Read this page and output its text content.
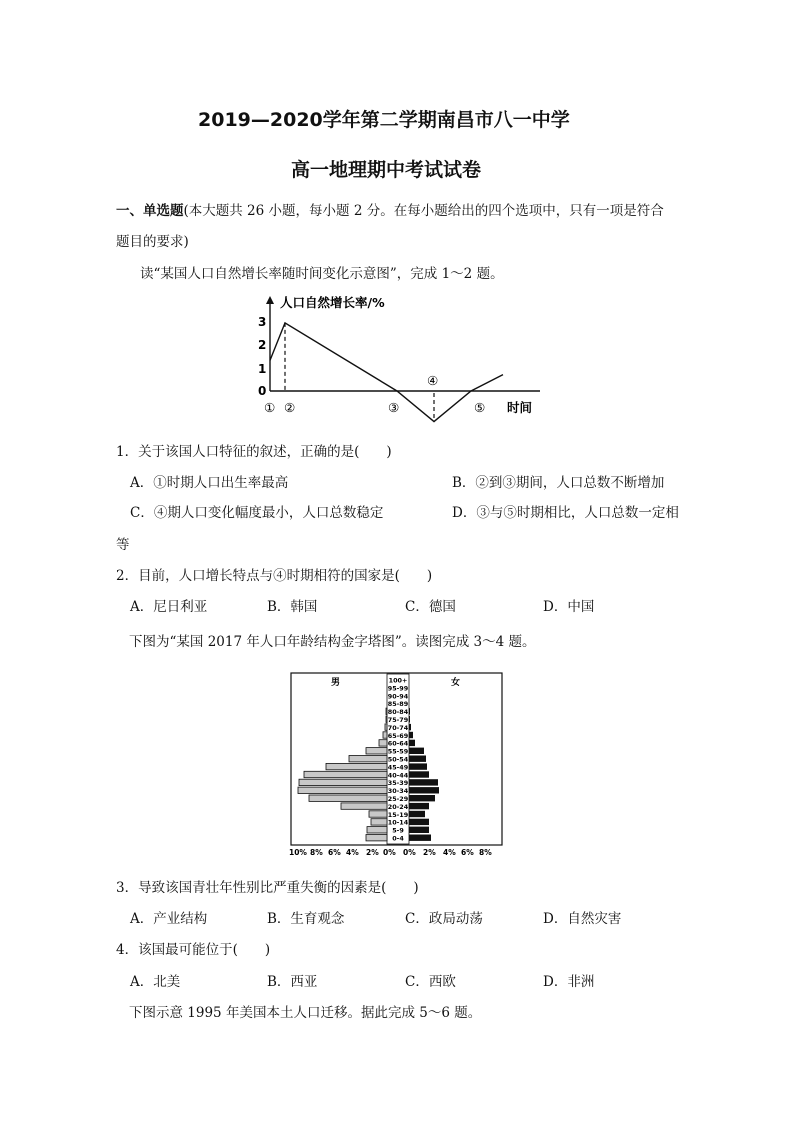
2019—2020学年第二学期南昌市八一中学
高一地理期中考试试卷
一、单选题(本大题共 26 小题，每小题 2 分。在每小题给出的四个选项中，只有一项是符合
题目的要求)
读“某国人口自然增长率随时间变化示意图”，完成 1～2 题。
人口自然增长率/%
3
2
1
0
① ②	③
④
⑤ 时间
1．关于该国人口特征的叙述，正确的是(　　)
A．①时期人口出生率最高	B．②到③期间，人口总数不断增加
C．④期人口变化幅度最小，人口总数稳定	D．③与⑤时期相比，人口总数一定相
等
2．目前，人口增长特点与④时期相符的国家是(　　)
A．尼日利亚	B．韩国	C．德国	D．中国
下图为“某国 2017 年人口年龄结构金字塔图”。读图完成 3～4 题。
男	女
100+
95-99
90-94
85-89
80-84
75-79
70-74
65-69
60-64
55-59
50-54
45-49
40-44
35-39
30-34
25-29
20-24
15-19
10-14
5-9
0-4
10% 8% 6% 4% 2% 0% 0% 2% 4% 6% 8%
3．导致该国青壮年性别比严重失衡的因素是(　　)
A．产业结构	B．生育观念	C．政局动荡	D．自然灾害
4．该国最可能位于(　　)
A．北美	B．西亚	C．西欧	D．非洲
下图示意 1995 年美国本土人口迁移。据此完成 5～6 题。
